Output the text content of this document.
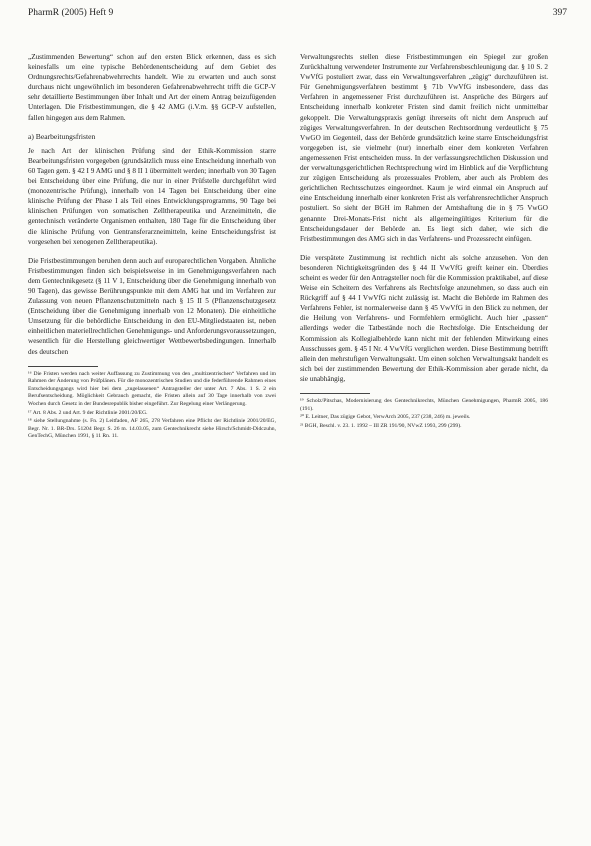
PharmR (2005) Heft 9	397

„Zustimmenden Bewertung“ schon auf den ersten Blick erkennen, dass es sich keinesfalls um eine typische Behördenentscheidung auf dem Gebiet des Ordnungsrechts/Gefahrenabwehrrechts handelt. Wie zu erwarten und auch sonst durchaus nicht ungewöhnlich im besonderen Gefahrenabwehrrecht trifft die GCP-V sehr detaillierte Bestimmungen über Inhalt und Art der einem Antrag beizufügenden Unterlagen. Die Fristbestimmungen, die § 42 AMG (i.V.m. §§ GCP-V aufstellen, fallen hingegen aus dem Rahmen.

a) Bearbeitungsfristen

Je nach Art der klinischen Prüfung sind der Ethik-Kommission starre Bearbeitungsfristen vorgegeben (grundsätzlich muss eine Entscheidung innerhalb von 60 Tagen gem. § 42 I 9 AMG und § 8 II 1 übermittelt werden; innerhalb von 30 Tagen bei Entscheidung über eine Prüfung, die nur in einer Prüfstelle durchgeführt wird (monozentrische Prüfung), innerhalb von 14 Tagen bei Entscheidung über eine klinische Prüfung der Phase I als Teil eines Entwicklungsprogramms, 90 Tage bei klinischen Prüfungen von somatischen Zelltherapeutika und Arzneimitteln, die gentechnisch veränderte Organismen enthalten, 180 Tage für die Entscheidung über die klinische Prüfung von Gentransferarzneimitteln, keine Entscheidungsfrist ist vorgesehen bei xenogenen Zelltherapeutika).

Die Fristbestimmungen beruhen denn auch auf europarechtlichen Vorgaben. Ähnliche Fristbestimmungen finden sich beispielsweise in im Genehmigungsverfahren nach dem Gentechnikgesetz (§ 11 V 1, Entscheidung über die Genehmigung innerhalb von 90 Tagen), das gewisse Berührungspunkte mit dem AMG hat und im Verfahren zur Zulassung von neuen Pflanzenschutzmitteln nach § 15 II 5 (Pflanzenschutzgesetz (Entscheidung über die Genehmigung innerhalb von 12 Monaten). Die einheitliche Umsetzung für die behördliche Entscheidung in den EU-Mitgliedstaaten ist, neben einheitlichen materiellrechtlichen Genehmigungs- und Anforderungsvoraussetzungen, wesentlich für die Herstellung gleichwertiger Wettbewerbsbedingungen. Innerhalb des deutschen

¹⁶ Die Fristen werden nach weiter Auffassung zu Zustimmung von den „multizentrischen“ Verfahren und im Rahmen der Änderung von Prüfplänen. Für die monozentrischen Studien und die federführende Rahmen eines Entscheidungsgangs wird hier bei dem „zugelassenen“ Antragsteller der unter Art. 7 Abs. 1 S. 2 ein Berufsentscheidung. Möglichkeit Gebrauch gemacht, die Fristen allein auf 30 Tage innerhalb von zwei Wochen durch Gesetz in der Bundesrepublik bisher eingeführt. Zur Regelung einer Verlängerung.
¹⁷ Art. 8 Abs. 2 und Art. 9 der Richtlinie 2001/20/EG.
¹⁸ siehe Stellungnahme (s. Fn. 2) Leitfaden, AF 265, 278 Verfahren eine Pflicht der Richtlinie 2001/20/EG, Begr. Nr. 1. BR-Drs. 51204 Begr. S. 26 m. 14.03.05, zum Gentechnikrecht siehe Hirsch/Schmidt-Didczuhn, GenTechG, München 1991, § 11 Rn. 11.

Verwaltungsrechts stellen diese Fristbestimmungen ein Spiegel zur großen Zurückhaltung verwendeter Instrumente zur Verfahrensbeschleunigung dar. § 10 S. 2 VwVfG postuliert zwar, dass ein Verwaltungsverfahren „zügig“ durchzuführen ist. Für Genehmigungsverfahren bestimmt § 71b VwVfG insbesondere, dass das Verfahren in angemessener Frist durchzuführen ist. Ansprüche des Bürgers auf Entscheidung innerhalb konkreter Fristen sind damit freilich nicht unmittelbar gekoppelt. Die Verwaltungspraxis genügt ihrerseits oft nicht dem Anspruch auf zügiges Verwaltungsverfahren. In der deutschen Rechtsordnung verdeutlicht § 75 VwGO im Gegenteil, dass der Behörde grundsätzlich keine starre Entscheidungsfrist vorgegeben ist, sie vielmehr (nur) innerhalb einer dem konkreten Verfahren angemessenen Frist entscheiden muss. In der verfassungsrechtlichen Diskussion und der verwaltungsgerichtlichen Rechtsprechung wird im Hinblick auf die Verpflichtung zur zügigen Entscheidung als prozessuales Problem, aber auch als Problem des gerichtlichen Rechtsschutzes eingeordnet. Kaum je wird einmal ein Anspruch auf eine Entscheidung innerhalb einer konkreten Frist als verfahrensrechtlicher Anspruch postuliert. So sieht der BGH im Rahmen der Amtshaftung die in § 75 VwGO genannte Drei-Monats-Frist nicht als allgemeingültiges Kriterium für die Entscheidungsdauer der Behörde an. Es liegt sich daher, wie sich die Fristbestimmungen des AMG sich in das Verfahrens- und Prozessrecht einfügen.

Die verspätete Zustimmung ist rechtlich nicht als solche anzusehen. Von den besonderen Nichtigkeitsgründen des § 44 II VwVfG greift keiner ein. Überdies scheint es weder für den Antragsteller noch für die Kommission praktikabel, auf diese Weise ein Scheitern des Verfahrens als Rechtsfolge anzunehmen, so dass auch ein Rückgriff auf § 44 I VwVfG nicht zulässig ist. Macht die Behörde im Rahmen des Verfahrens Fehler, ist normalerweise dann § 45 VwVfG in den Blick zu nehmen, der die Heilung von Verfahrens- und Formfehlern ermöglicht. Auch hier „passen“ allerdings weder die Tatbestände noch die Rechtsfolge. Die Entscheidung der Kommission als Kollegialbehörde kann nicht mit der fehlenden Mitwirkung eines Ausschusses gem. § 45 I Nr. 4 VwVfG verglichen werden. Diese Bestimmung betrifft allein den mehrstufigen Verwaltungsakt. Um einen solchen Verwaltungsakt handelt es sich bei der zustimmenden Bewertung der Ethik-Kommission aber gerade nicht, da sie unabhängig,

¹⁹ Scholz/Pitschas, Modernisierung des Gentechnikrechts, München Genehmigungen, PharmR 2005, 186 (191).
²⁰ E. Leitner, Das zügige Gebot, VerwArch 2005, 237 (238, 246) m. jeweils.
²¹ BGH, Beschl. v. 23. 1. 1992 – III ZR 191/90, NVwZ 1993, 299 (299).
